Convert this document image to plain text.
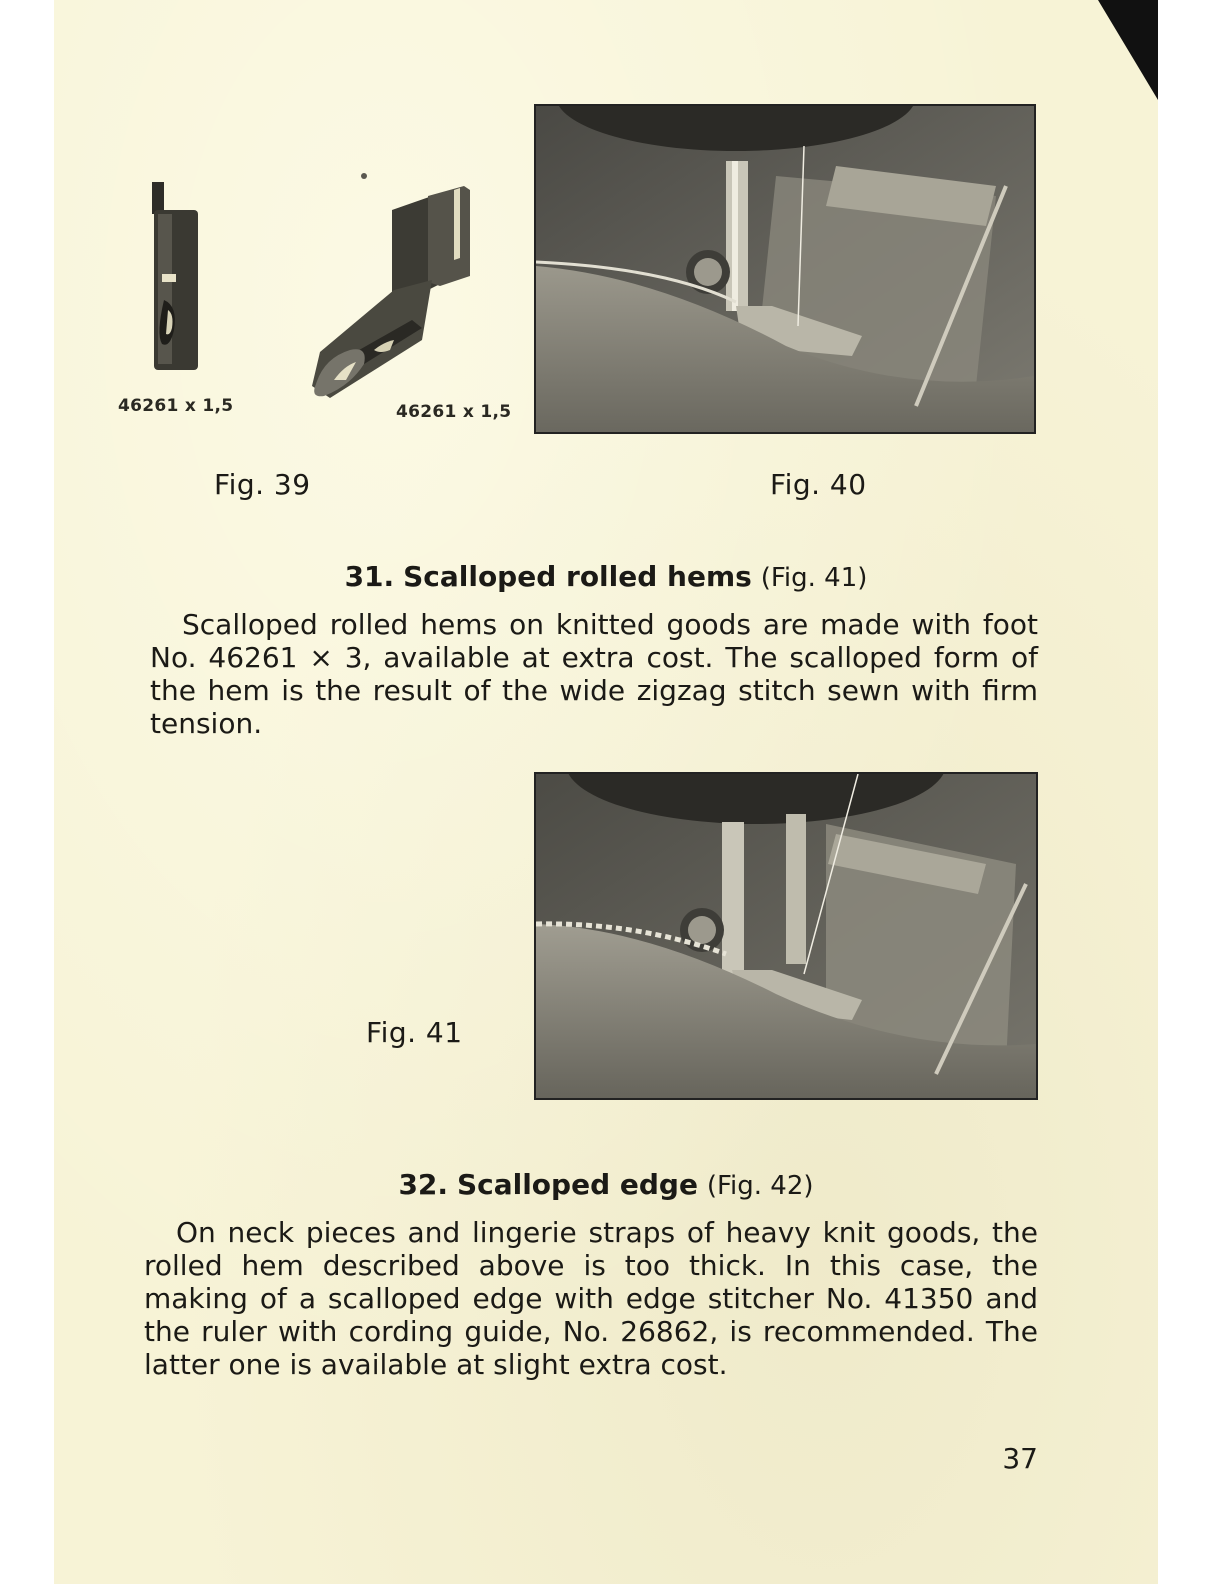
46261 x 1,5	46261 x 1,5
Fig. 39	Fig. 40
31. Scalloped rolled hems (Fig. 41)

Scalloped rolled hems on knitted goods are made with foot No. 46261 × 3, available at extra cost. The scalloped form of the hem is the result of the wide zigzag stitch sewn with firm tension.

Fig. 41
32. Scalloped edge (Fig. 42)

On neck pieces and lingerie straps of heavy knit goods, the rolled hem described above is too thick. In this case, the making of a scalloped edge with edge stitcher No. 41350 and the ruler with cording guide, No. 26862, is recommended. The latter one is available at slight extra cost.

37
